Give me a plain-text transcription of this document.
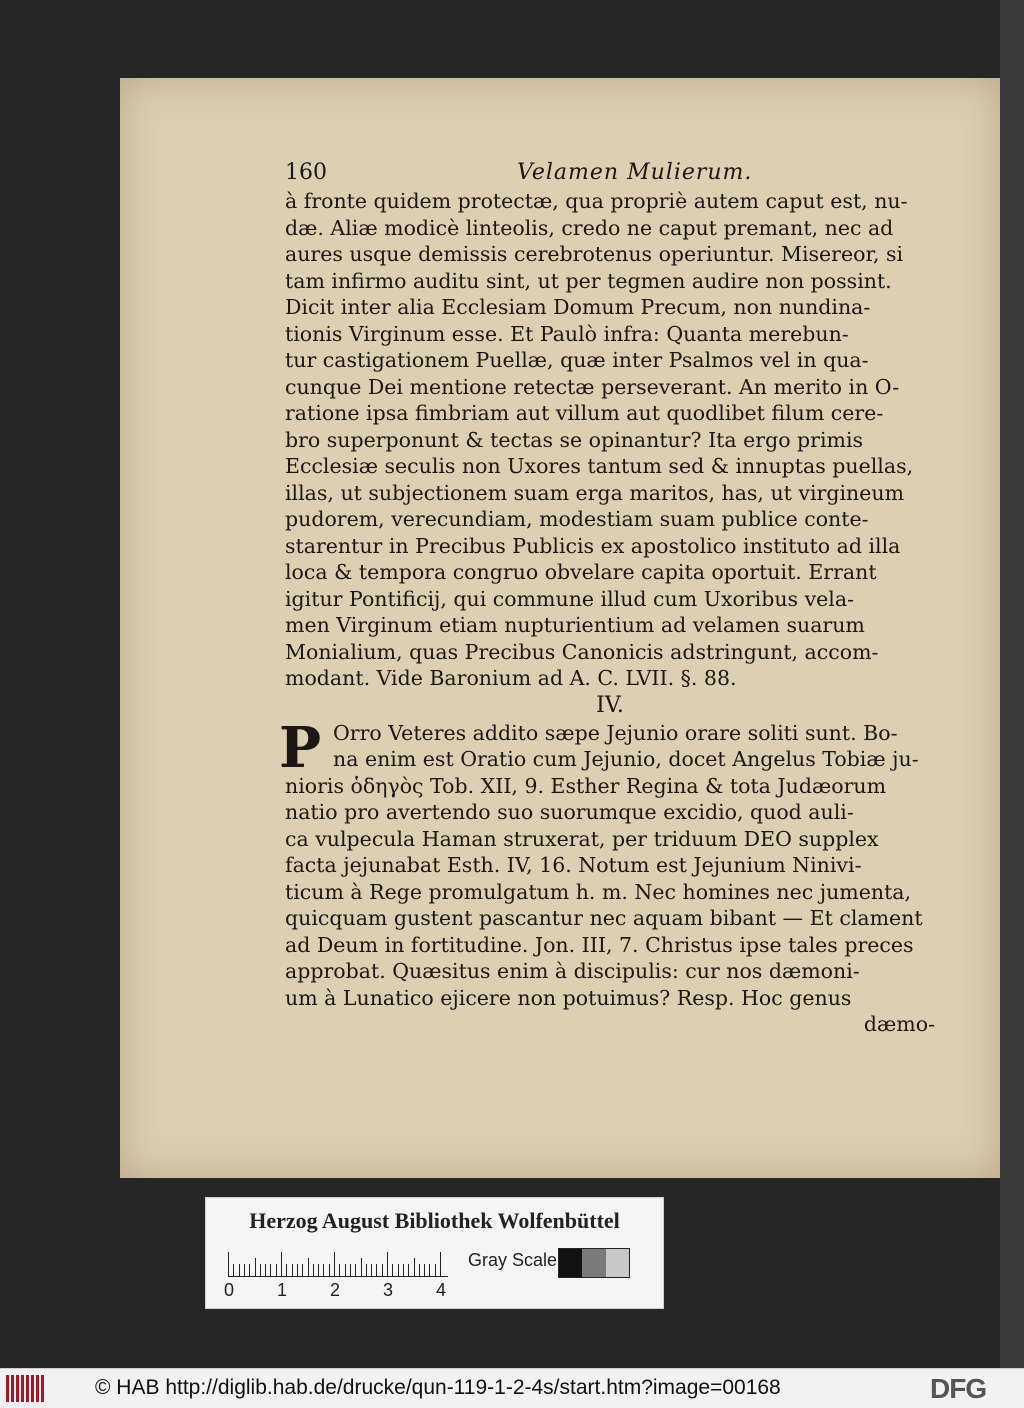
160	Velamen Mulierum.
à fronte quidem protectæ, qua propriè autem caput est, nu-
dæ. Aliæ modicè linteolis, credo ne caput premant, nec ad
aures usque demissis cerebrotenus operiuntur. Misereor, si
tam infirmo auditu sint, ut per tegmen audire non possint.
Dicit inter alia Ecclesiam Domum Precum, non nundina-
tionis Virginum esse. Et Paulò infra: Quanta merebun-
tur castigationem Puellæ, quæ inter Psalmos vel in qua-
cunque Dei mentione retectæ perseverant. An merito in O-
ratione ipsa fimbriam aut villum aut quodlibet filum cere-
bro superponunt & tectas se opinantur? Ita ergo primis
Ecclesiæ seculis non Uxores tantum sed & innuptas puellas,
illas, ut subjectionem suam erga maritos, has, ut virgineum
pudorem, verecundiam, modestiam suam publice conte-
starentur in Precibus Publicis ex apostolico instituto ad illa
loca & tempora congruo obvelare capita oportuit. Errant
igitur Pontificij, qui commune illud cum Uxoribus vela-
men Virginum etiam nupturientium ad velamen suarum
Monialium, quas Precibus Canonicis adstringunt, accom-
modant. Vide Baronium ad A. C. LVII. §. 88.
IV.
P Orro Veteres addito sæpe Jejunio orare soliti sunt. Bo-
na enim est Oratio cum Jejunio, docet Angelus Tobiæ ju-
nioris ὁδηγὸς Tob. XII, 9. Esther Regina & tota Judæorum
natio pro avertendo suo suorumque excidio, quod auli-
ca vulpecula Haman struxerat, per triduum DEO supplex
facta jejunabat Esth. IV, 16. Notum est Jejunium Ninivi-
ticum à Rege promulgatum h. m. Nec homines nec jumenta,
quicquam gustent pascantur nec aquam bibant — Et clament
ad Deum in fortitudine. Jon. III, 7. Christus ipse tales preces
approbat. Quæsitus enim à discipulis: cur nos dæmoni-
um à Lunatico ejicere non potuimus? Resp. Hoc genus
dæmo-
Herzog August Bibliothek Wolfenbüttel
0 1 2 3 4
Gray Scale
© HAB http://diglib.hab.de/drucke/qun-119-1-2-4s/start.htm?image=00168	DFG
